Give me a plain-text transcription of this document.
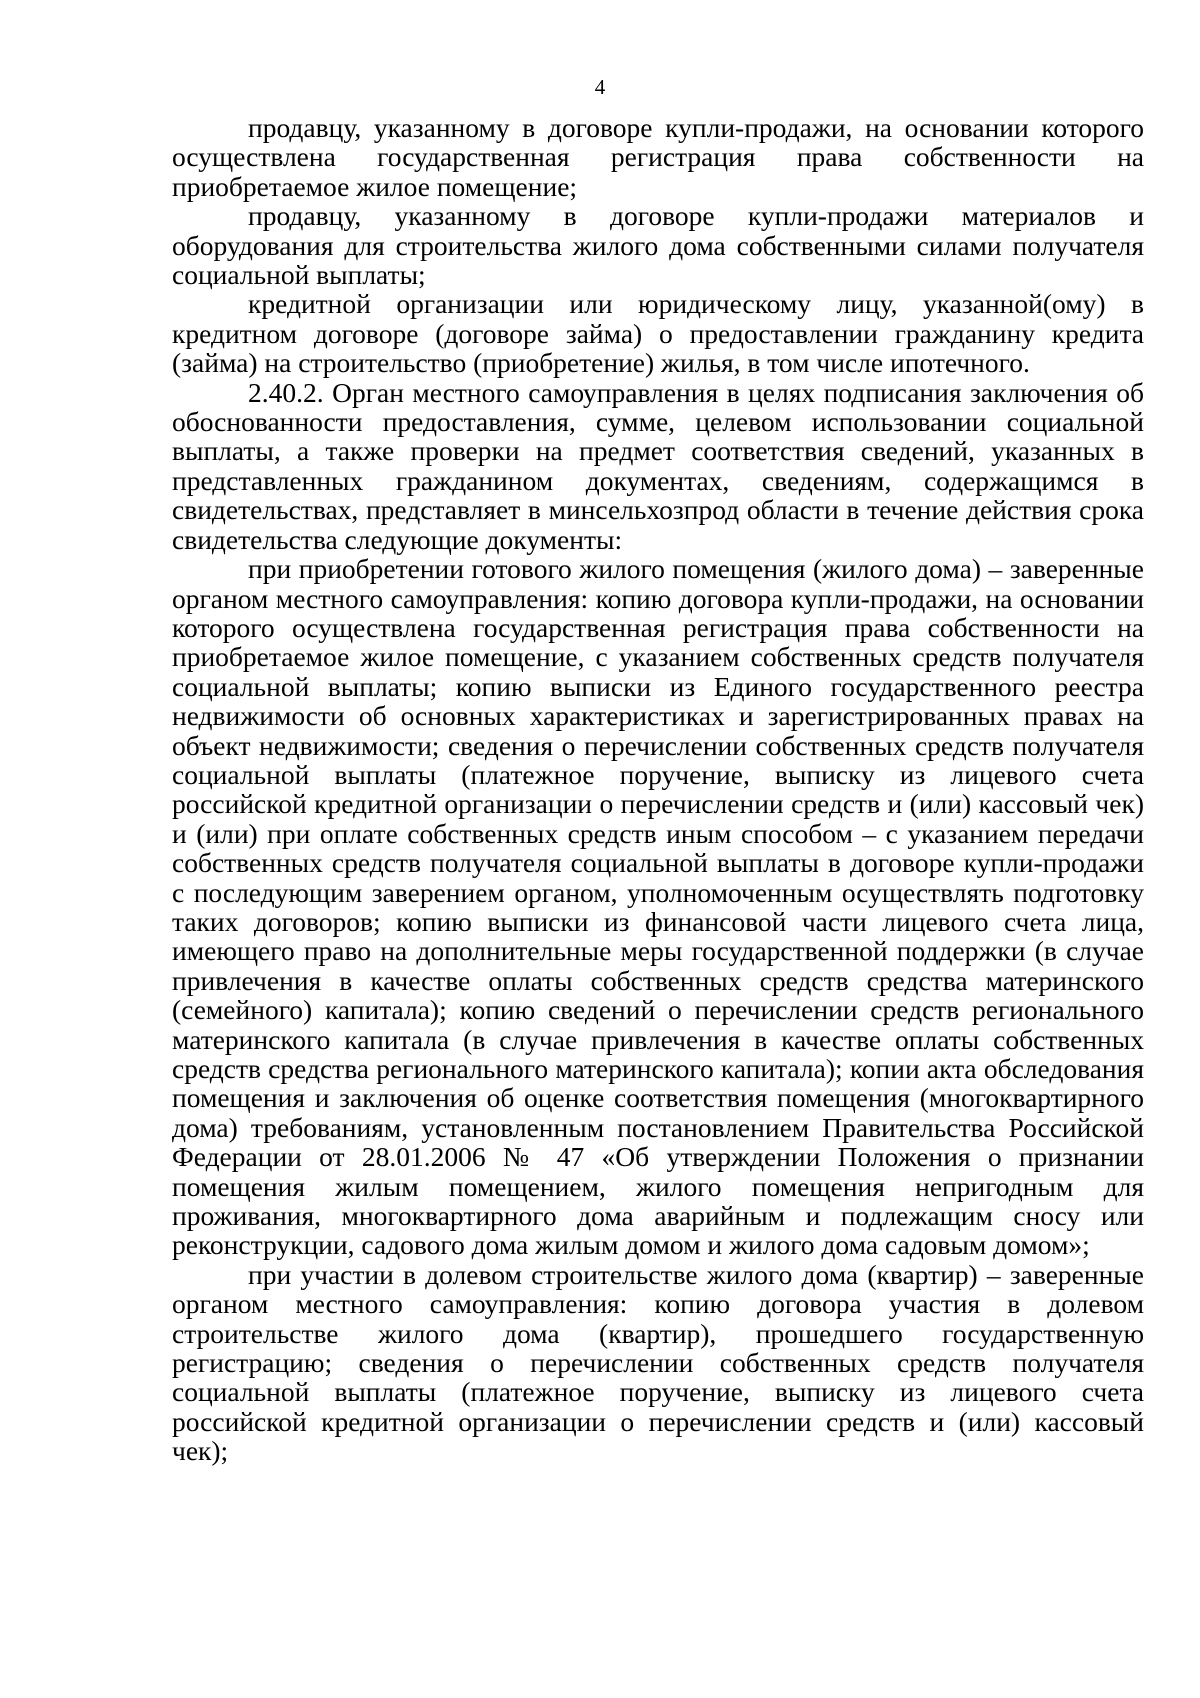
4

продавцу, указанному в договоре купли-продажи, на основании которого осуществлена государственная регистрация права собственности на приобретаемое жилое помещение;

продавцу, указанному в договоре купли-продажи материалов и оборудования для строительства жилого дома собственными силами получателя социальной выплаты;

кредитной организации или юридическому лицу, указанной(ому) в кредитном договоре (договоре займа) о предоставлении гражданину кредита (займа) на строительство (приобретение) жилья, в том числе ипотечного.

2.40.2. Орган местного самоуправления в целях подписания заключения об обоснованности предоставления, сумме, целевом использовании социальной выплаты, а также проверки на предмет соответствия сведений, указанных в представленных гражданином документах, сведениям, содержащимся в свидетельствах, представляет в минсельхозпрод области в течение действия срока свидетельства следующие документы:

при приобретении готового жилого помещения (жилого дома) – заверенные органом местного самоуправления: копию договора купли-продажи, на основании которого осуществлена государственная регистрация права собственности на приобретаемое жилое помещение, с указанием собственных средств получателя социальной выплаты; копию выписки из Единого государственного реестра недвижимости об основных характеристиках и зарегистрированных правах на объект недвижимости; сведения о перечислении собственных средств получателя социальной выплаты (платежное поручение, выписку из лицевого счета российской кредитной организации о перечислении средств и (или) кассовый чек) и (или) при оплате собственных средств иным способом – с указанием передачи собственных средств получателя социальной выплаты в договоре купли-продажи с последующим заверением органом, уполномоченным осуществлять подготовку таких договоров; копию выписки из финансовой части лицевого счета лица, имеющего право на дополнительные меры государственной поддержки (в случае привлечения в качестве оплаты собственных средств средства материнского (семейного) капитала); копию сведений о перечислении средств регионального материнского капитала (в случае привлечения в качестве оплаты собственных средств средства регионального материнского капитала); копии акта обследования помещения и заключения об оценке соответствия помещения (многоквартирного дома) требованиям, установленным постановлением Правительства Российской Федерации от 28.01.2006 № 47 «Об утверждении Положения о признании помещения жилым помещением, жилого помещения непригодным для проживания, многоквартирного дома аварийным и подлежащим сносу или реконструкции, садового дома жилым домом и жилого дома садовым домом»;

при участии в долевом строительстве жилого дома (квартир) – заверенные органом местного самоуправления: копию договора участия в долевом строительстве жилого дома (квартир), прошедшего государственную регистрацию; сведения о перечислении собственных средств получателя социальной выплаты (платежное поручение, выписку из лицевого счета российской кредитной организации о перечислении средств и (или) кассовый чек);
